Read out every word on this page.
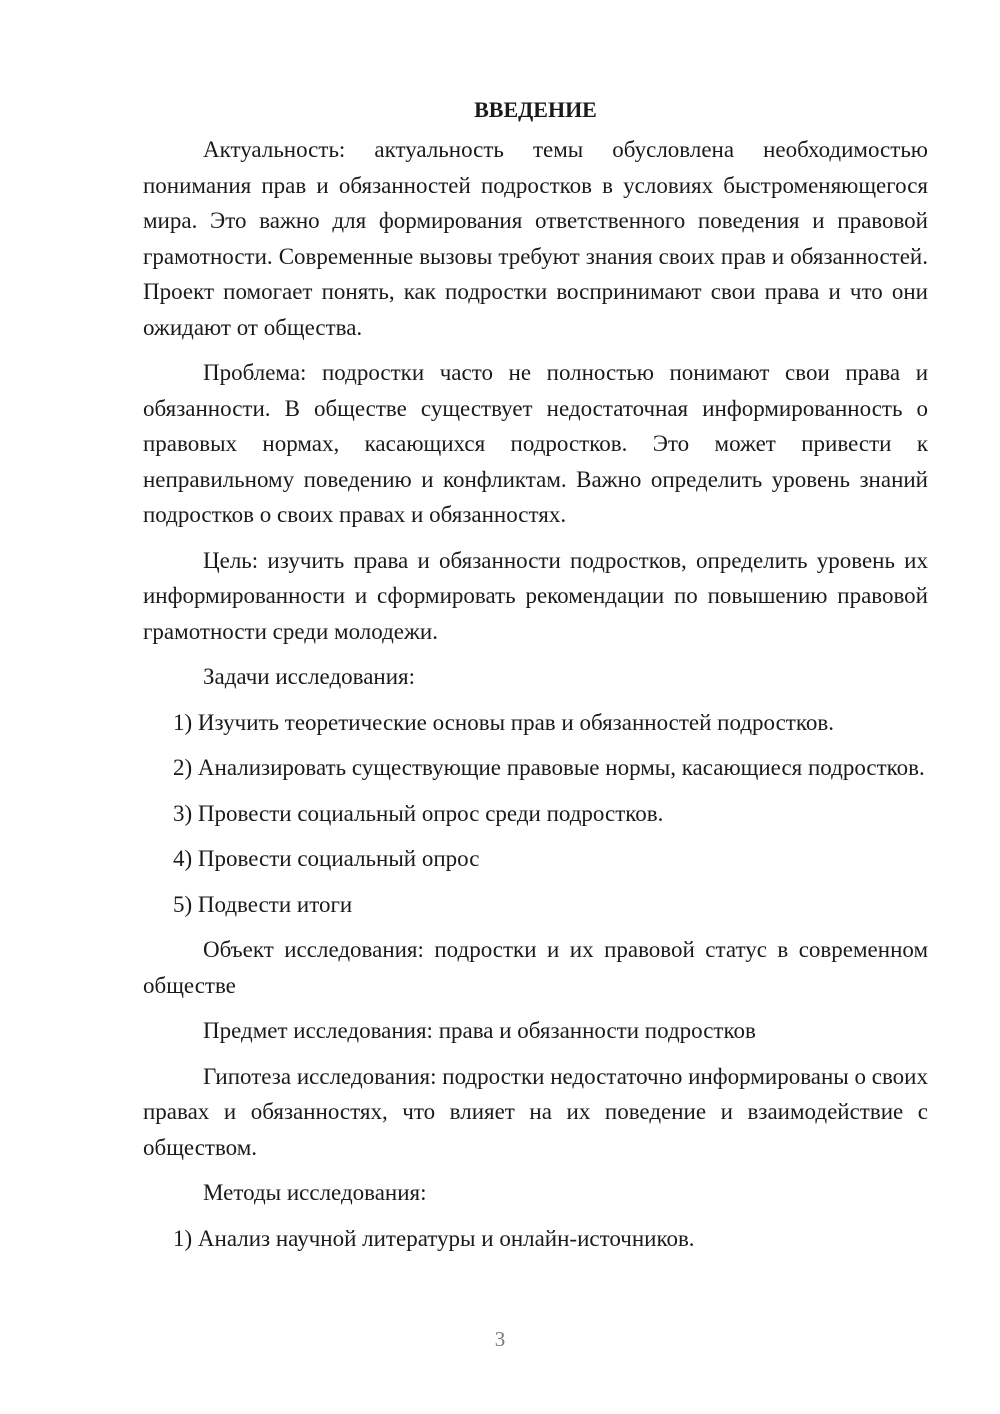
ВВЕДЕНИЕ

Актуальность: актуальность темы обусловлена необходимостью понимания прав и обязанностей подростков в условиях быстроменяющегося мира. Это важно для формирования ответственного поведения и правовой грамотности. Современные вызовы требуют знания своих прав и обязанностей. Проект помогает понять, как подростки воспринимают свои права и что они ожидают от общества.

Проблема: подростки часто не полностью понимают свои права и обязанности. В обществе существует недостаточная информированность о правовых нормах, касающихся подростков. Это может привести к неправильному поведению и конфликтам. Важно определить уровень знаний подростков о своих правах и обязанностях.

Цель: изучить права и обязанности подростков, определить уровень их информированности и сформировать рекомендации по повышению правовой грамотности среди молодежи.

Задачи исследования:

1) Изучить теоретические основы прав и обязанностей подростков.

2) Анализировать существующие правовые нормы, касающиеся подростков.

3) Провести социальный опрос среди подростков.

4) Провести социальный опрос

5) Подвести итоги

Объект исследования: подростки и их правовой статус в современном обществе

Предмет исследования: права и обязанности подростков

Гипотеза исследования: подростки недостаточно информированы о своих правах и обязанностях, что влияет на их поведение и взаимодействие с обществом.

Методы исследования:

1) Анализ научной литературы и онлайн-источников.

3
